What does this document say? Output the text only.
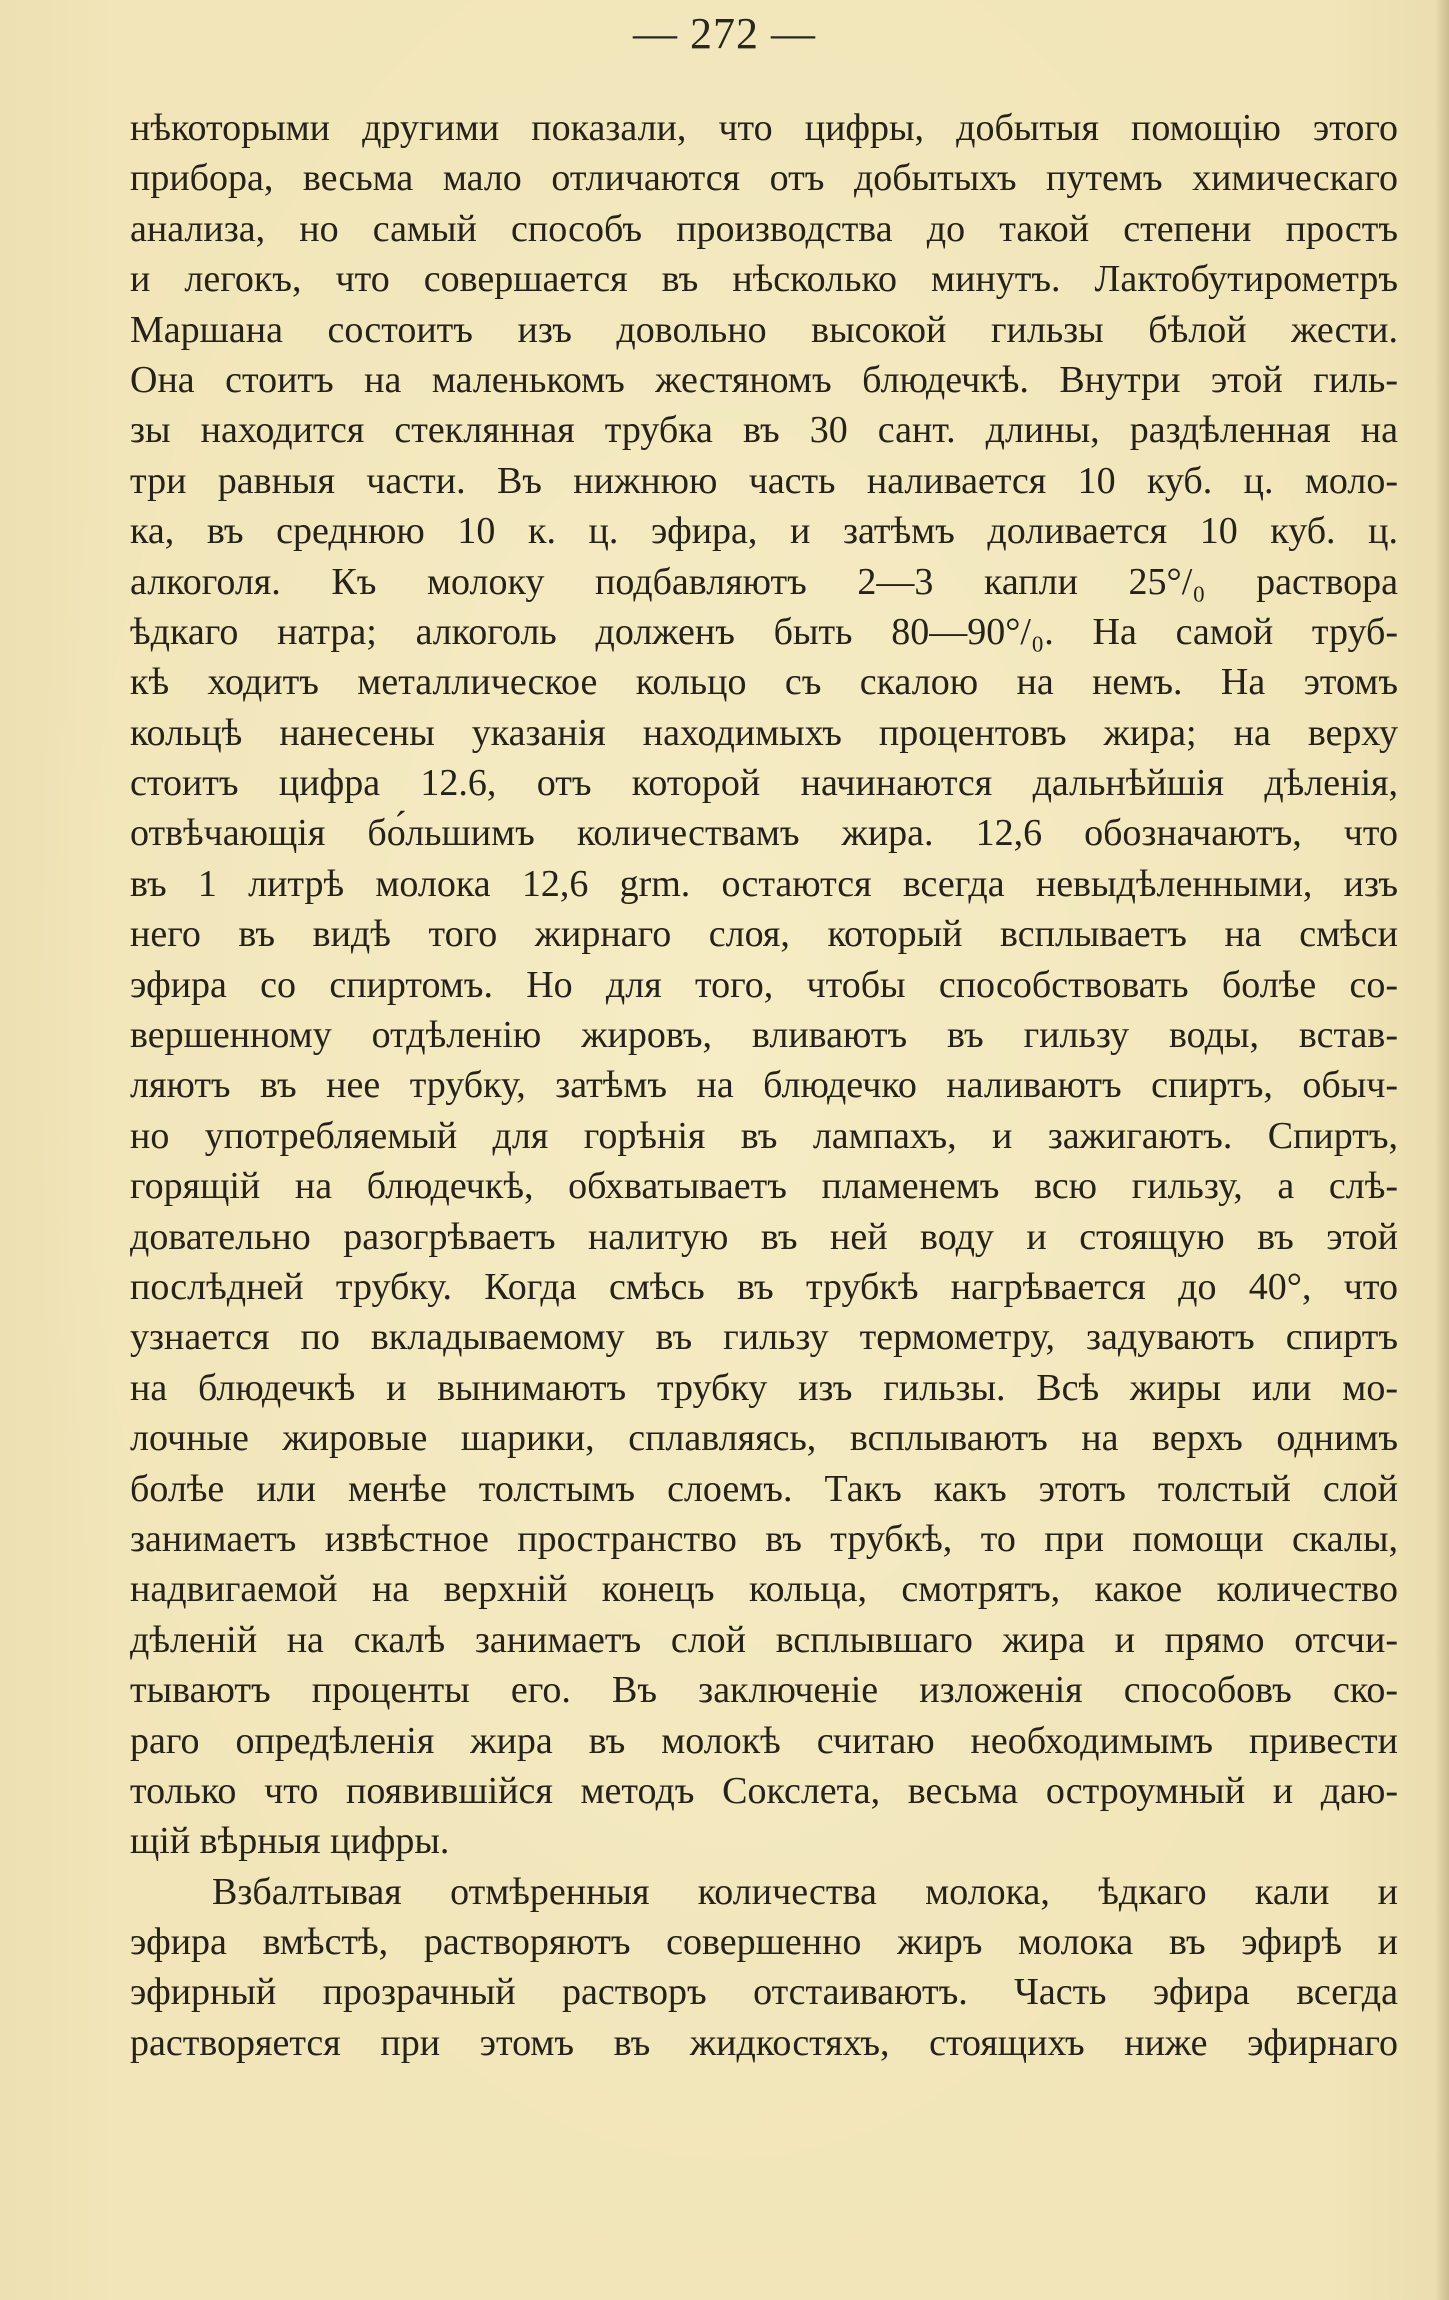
— 272 —
нѣкоторыми другими показали, что цифры, добытыя помощію этого
прибора, весьма мало отличаются отъ добытыхъ путемъ химическаго
анализа, но самый способъ производства до такой степени простъ
и легокъ, что совершается въ нѣсколько минутъ. Лактобутирометръ
Маршана состоитъ изъ довольно высокой гильзы бѣлой жести.
Она стоитъ на маленькомъ жестяномъ блюдечкѣ. Внутри этой гиль-
зы находится стеклянная трубка въ 30 сант. длины, раздѣленная на
три равныя части. Въ нижнюю часть наливается 10 куб. ц. моло-
ка, въ среднюю 10 к. ц. эфира, и затѣмъ доливается 10 куб. ц.
алкоголя. Къ молоку подбавляютъ 2—3 капли 25°/₀ раствора
ѣдкаго натра; алкоголь долженъ быть 80—90°/₀. На самой труб-
кѣ ходитъ металлическое кольцо съ скалою на немъ. На этомъ
кольцѣ нанесены указанія находимыхъ процентовъ жира; на верху
стоитъ цифра 12.6, отъ которой начинаются дальнѣйшія дѣленія,
отвѣчающія бо́льшимъ количествамъ жира. 12,6 обозначаютъ, что
въ 1 литрѣ молока 12,6 grm. остаются всегда невыдѣленными, изъ
него въ видѣ того жирнаго слоя, который всплываетъ на смѣси
эфира со спиртомъ. Но для того, чтобы способствовать болѣе со-
вершенному отдѣленію жировъ, вливаютъ въ гильзу воды, встав-
ляютъ въ нее трубку, затѣмъ на блюдечко наливаютъ спиртъ, обыч-
но употребляемый для горѣнія въ лампахъ, и зажигаютъ. Спиртъ,
горящій на блюдечкѣ, обхватываетъ пламенемъ всю гильзу, а слѣ-
довательно разогрѣваетъ налитую въ ней воду и стоящую въ этой
послѣдней трубку. Когда смѣсь въ трубкѣ нагрѣвается до 40°, что
узнается по вкладываемому въ гильзу термометру, задуваютъ спиртъ
на блюдечкѣ и вынимаютъ трубку изъ гильзы. Всѣ жиры или мо-
лочные жировые шарики, сплавляясь, всплываютъ на верхъ однимъ
болѣе или менѣе толстымъ слоемъ. Такъ какъ этотъ толстый слой
занимаетъ извѣстное пространство въ трубкѣ, то при помощи скалы,
надвигаемой на верхній конецъ кольца, смотрятъ, какое количество
дѣленій на скалѣ занимаетъ слой всплывшаго жира и прямо отсчи-
тываютъ проценты его. Въ заключеніе изложенія способовъ ско-
раго опредѣленія жира въ молокѣ считаю необходимымъ привести
только что появившійся методъ Сокслета, весьма остроумный и даю-
щій вѣрныя цифры.
Взбалтывая отмѣренныя количества молока, ѣдкаго кали и
эфира вмѣстѣ, растворяютъ совершенно жиръ молока въ эфирѣ и
эфирный прозрачный растворъ отстаиваютъ. Часть эфира всегда
растворяется при этомъ въ жидкостяхъ, стоящихъ ниже эфирнаго
